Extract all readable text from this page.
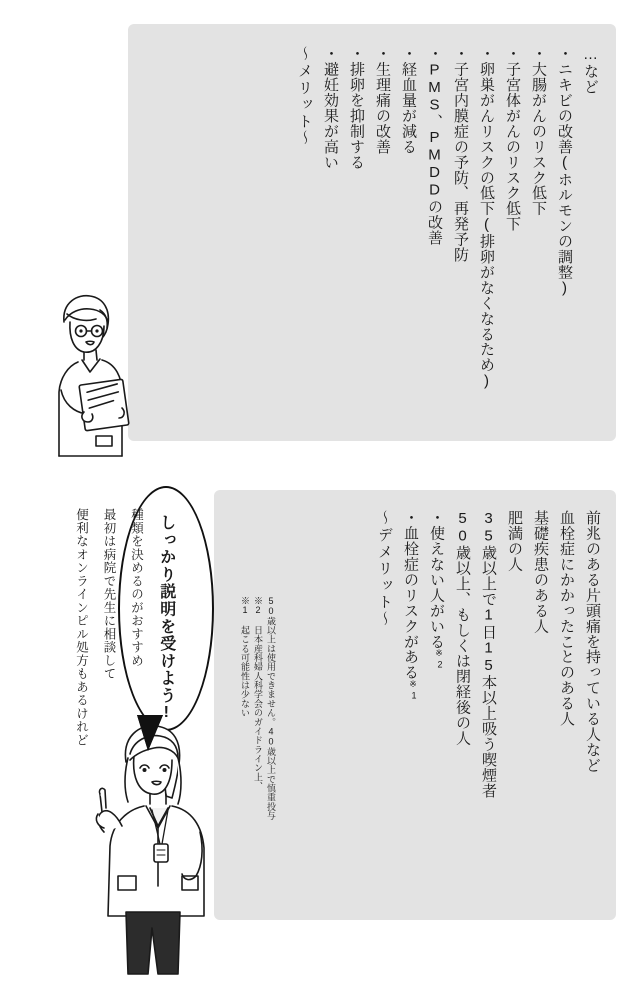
〜メリット〜 ・避妊効果が高い ・排卵を抑制する ・生理痛の改善 ・経血量が減る ・PMS、PMDDの改善 ・子宮内膜症の予防、再発予防 ・卵巣がんリスクの低下(排卵がなくなるため) ・子宮体がんのリスク低下 ・大腸がんのリスク低下 ・ニキビの改善(ホルモンの調整) …など
〜デメリット〜 ・血栓症のリスクがある$^{※1}$
・使えない人がいる$^{※2}$ 50歳以上、もしくは閉経後の人 35歳以上で1日15本以上吸う喫煙者 肥満の人 基礎疾患のある人 血栓症にかかったことのある人 前兆のある片頭痛を持っている人など
※1 起こる可能性は少ない ※2 日本産科婦人科学会のガイドライン上、 50歳以上は使用できません。40歳以上で慎重投与
しっかり説明を受けよう!
便利なオンラインピル処方もあるけれど 最初は病院で先生に相談して 種類を決めるのがおすすめ
